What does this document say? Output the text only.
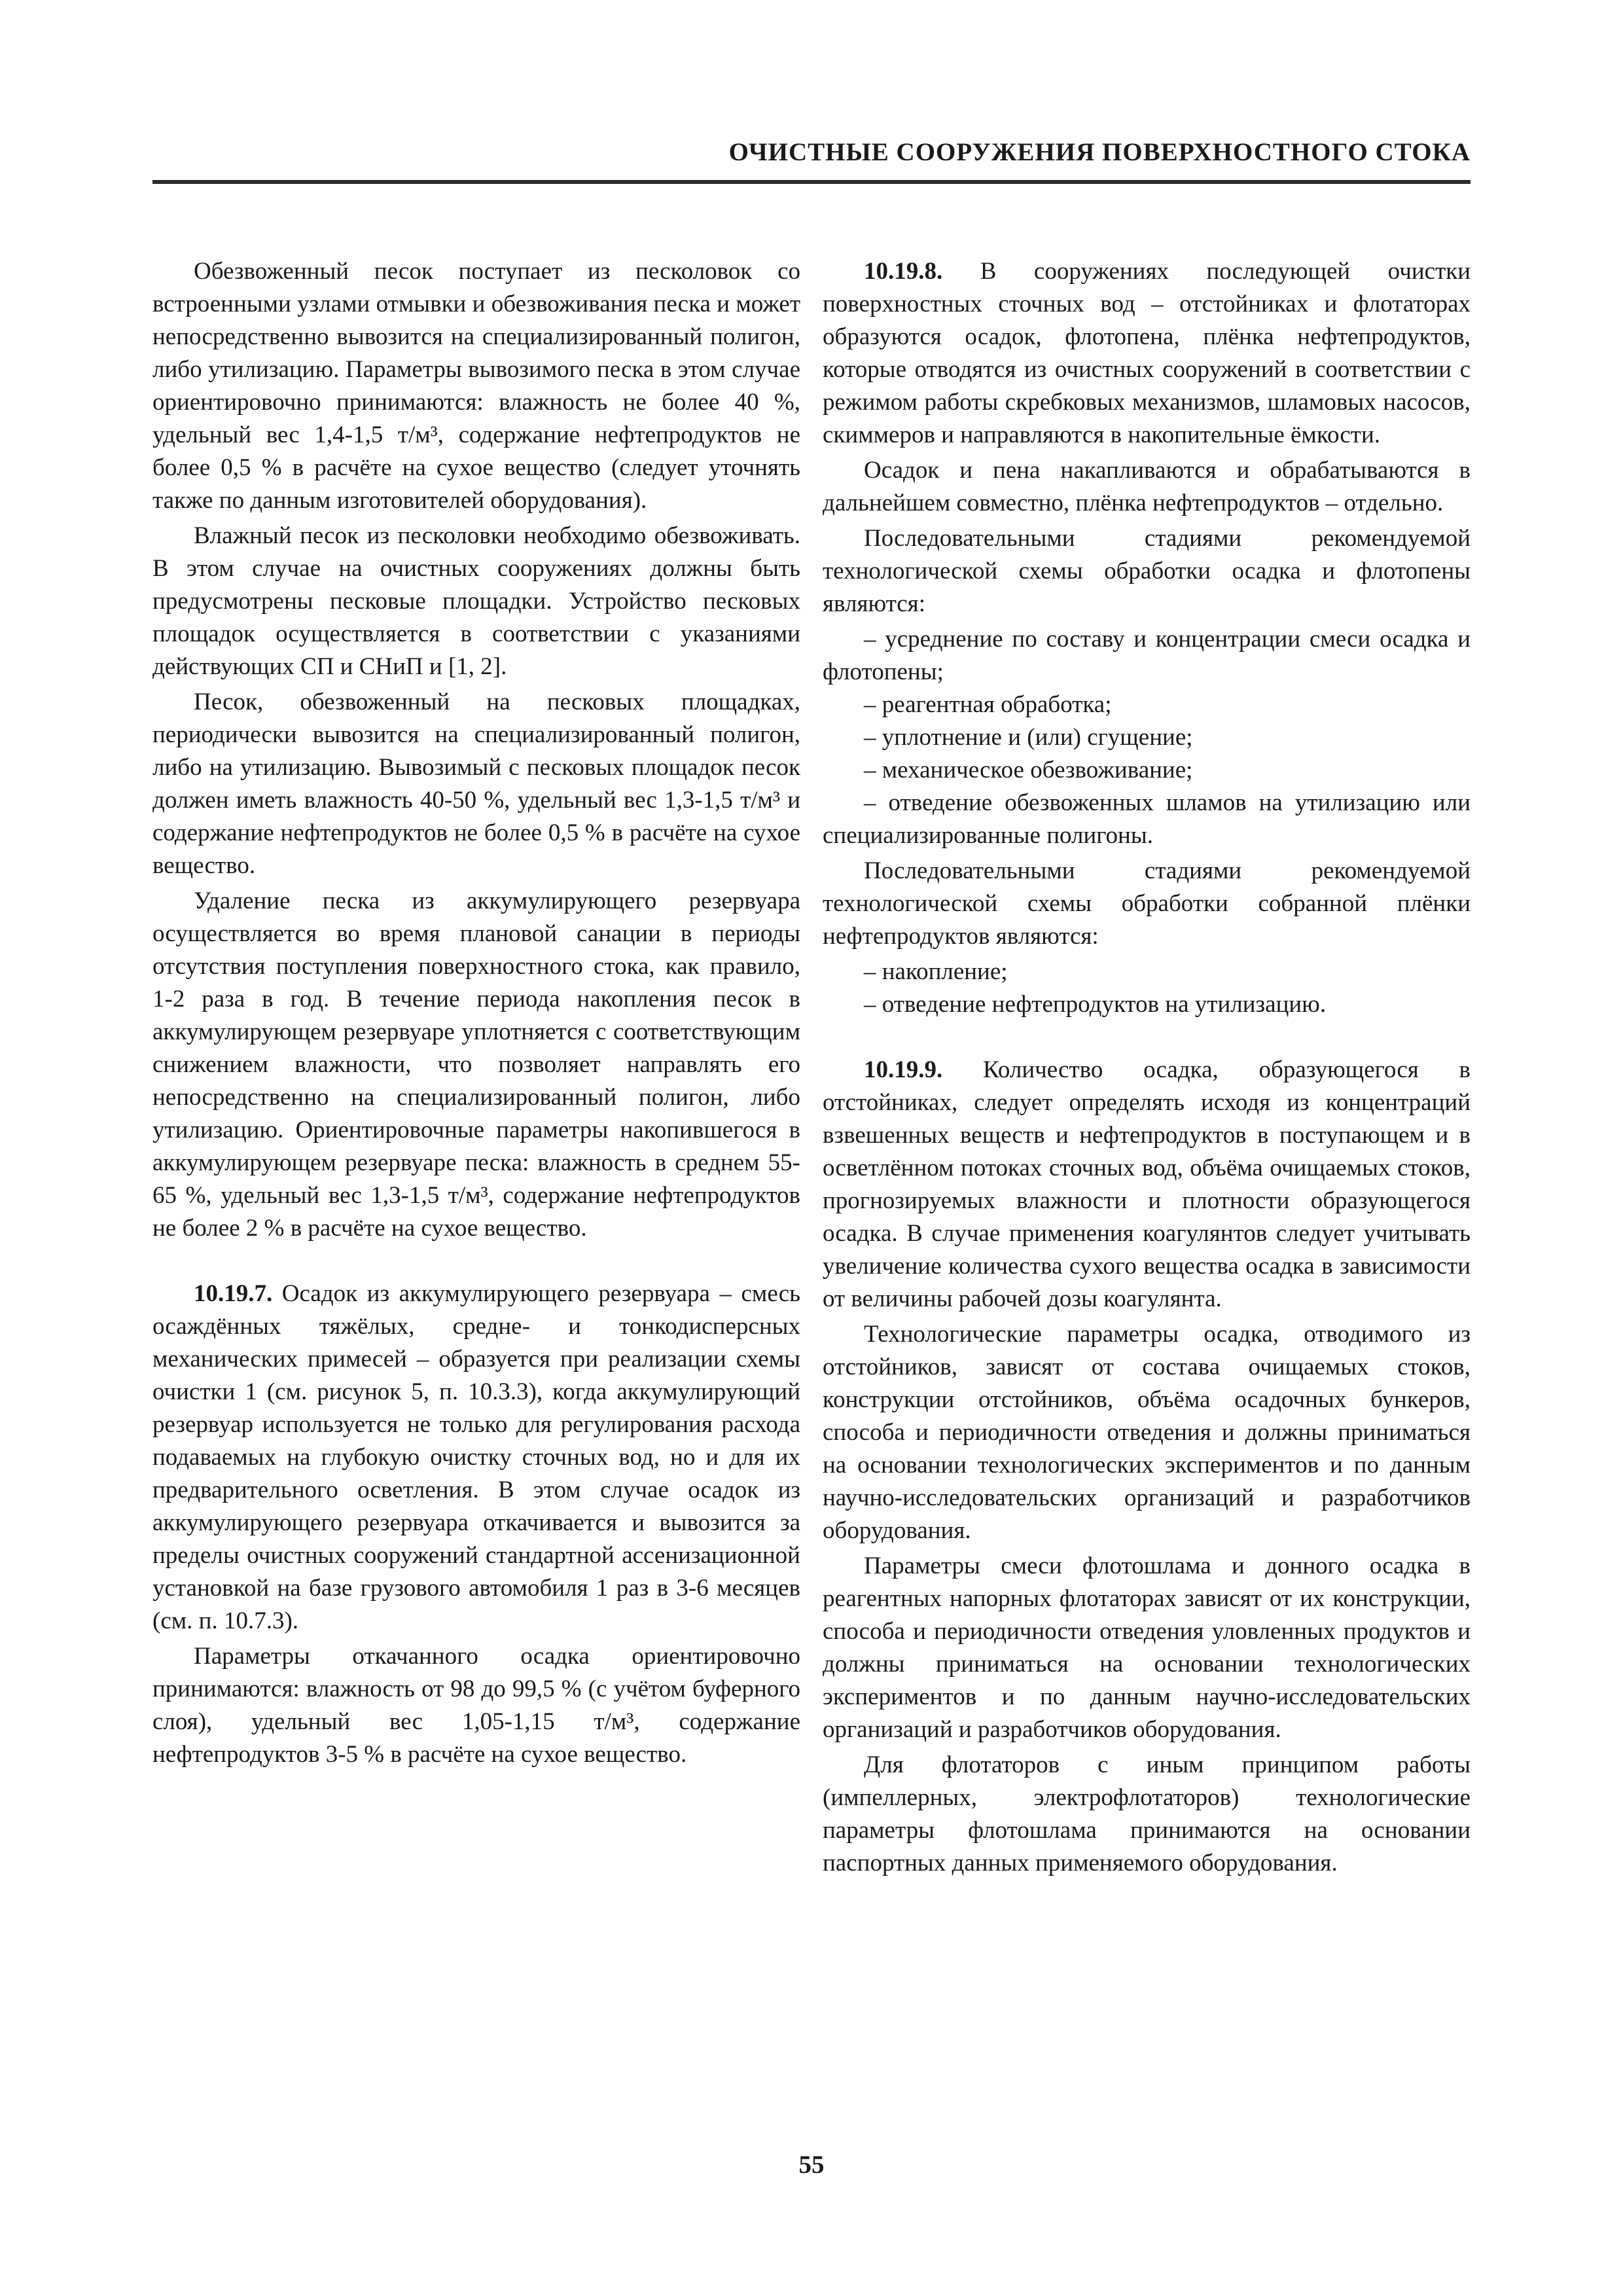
ОЧИСТНЫЕ СООРУЖЕНИЯ ПОВЕРХНОСТНОГО СТОКА

Обезвоженный песок поступает из песколовок со встроенными узлами отмывки и обезвоживания песка и может непосредственно вывозится на специализированный полигон, либо утилизацию. Параметры вывозимого песка в этом случае ориентировочно принимаются: влажность не более 40 %, удельный вес 1,4-1,5 т/м³, содержание нефтепродуктов не более 0,5 % в расчёте на сухое вещество (следует уточнять также по данным изготовителей оборудования).

Влажный песок из песколовки необходимо обезвоживать. В этом случае на очистных сооружениях должны быть предусмотрены песковые площадки. Устройство песковых площадок осуществляется в соответствии с указаниями действующих СП и СНиП и [1, 2].

Песок, обезвоженный на песковых площадках, периодически вывозится на специализированный полигон, либо на утилизацию. Вывозимый с песковых площадок песок должен иметь влажность 40-50 %, удельный вес 1,3-1,5 т/м³ и содержание нефтепродуктов не более 0,5 % в расчёте на сухое вещество.

Удаление песка из аккумулирующего резервуара осуществляется во время плановой санации в периоды отсутствия поступления поверхностного стока, как правило, 1-2 раза в год. В течение периода накопления песок в аккумулирующем резервуаре уплотняется с соответствующим снижением влажности, что позволяет направлять его непосредственно на специализированный полигон, либо утилизацию. Ориентировочные параметры накопившегося в аккумулирующем резервуаре песка: влажность в среднем 55-65 %, удельный вес 1,3-1,5 т/м³, содержание нефтепродуктов не более 2 % в расчёте на сухое вещество.

10.19.7. Осадок из аккумулирующего резервуара – смесь осаждённых тяжёлых, средне- и тонкодисперсных механических примесей – образуется при реализации схемы очистки 1 (см. рисунок 5, п. 10.3.3), когда аккумулирующий резервуар используется не только для регулирования расхода подаваемых на глубокую очистку сточных вод, но и для их предварительного осветления. В этом случае осадок из аккумулирующего резервуара откачивается и вывозится за пределы очистных сооружений стандартной ассенизационной установкой на базе грузового автомобиля 1 раз в 3-6 месяцев (см. п. 10.7.3).

Параметры откачанного осадка ориентировочно принимаются: влажность от 98 до 99,5 % (с учётом буферного слоя), удельный вес 1,05-1,15 т/м³, содержание нефтепродуктов 3-5 % в расчёте на сухое вещество.

10.19.8. В сооружениях последующей очистки поверхностных сточных вод – отстойниках и флотаторах образуются осадок, флотопена, плёнка нефтепродуктов, которые отводятся из очистных сооружений в соответствии с режимом работы скребковых механизмов, шламовых насосов, скиммеров и направляются в накопительные ёмкости.

Осадок и пена накапливаются и обрабатываются в дальнейшем совместно, плёнка нефтепродуктов – отдельно.

Последовательными стадиями рекомендуемой технологической схемы обработки осадка и флотопены являются:

– усреднение по составу и концентрации смеси осадка и флотопены;

– реагентная обработка;

– уплотнение и (или) сгущение;

– механическое обезвоживание;

– отведение обезвоженных шламов на утилизацию или специализированные полигоны.

Последовательными стадиями рекомендуемой технологической схемы обработки собранной плёнки нефтепродуктов являются:

– накопление;

– отведение нефтепродуктов на утилизацию.

10.19.9. Количество осадка, образующегося в отстойниках, следует определять исходя из концентраций взвешенных веществ и нефтепродуктов в поступающем и в осветлённом потоках сточных вод, объёма очищаемых стоков, прогнозируемых влажности и плотности образующегося осадка. В случае применения коагулянтов следует учитывать увеличение количества сухого вещества осадка в зависимости от величины рабочей дозы коагулянта.

Технологические параметры осадка, отводимого из отстойников, зависят от состава очищаемых стоков, конструкции отстойников, объёма осадочных бункеров, способа и периодичности отведения и должны приниматься на основании технологических экспериментов и по данным научно-исследовательских организаций и разработчиков оборудования.

Параметры смеси флотошлама и донного осадка в реагентных напорных флотаторах зависят от их конструкции, способа и периодичности отведения уловленных продуктов и должны приниматься на основании технологических экспериментов и по данным научно-исследовательских организаций и разработчиков оборудования.

Для флотаторов с иным принципом работы (импеллерных, электрофлотаторов) технологические параметры флотошлама принимаются на основании паспортных данных применяемого оборудования.

55
